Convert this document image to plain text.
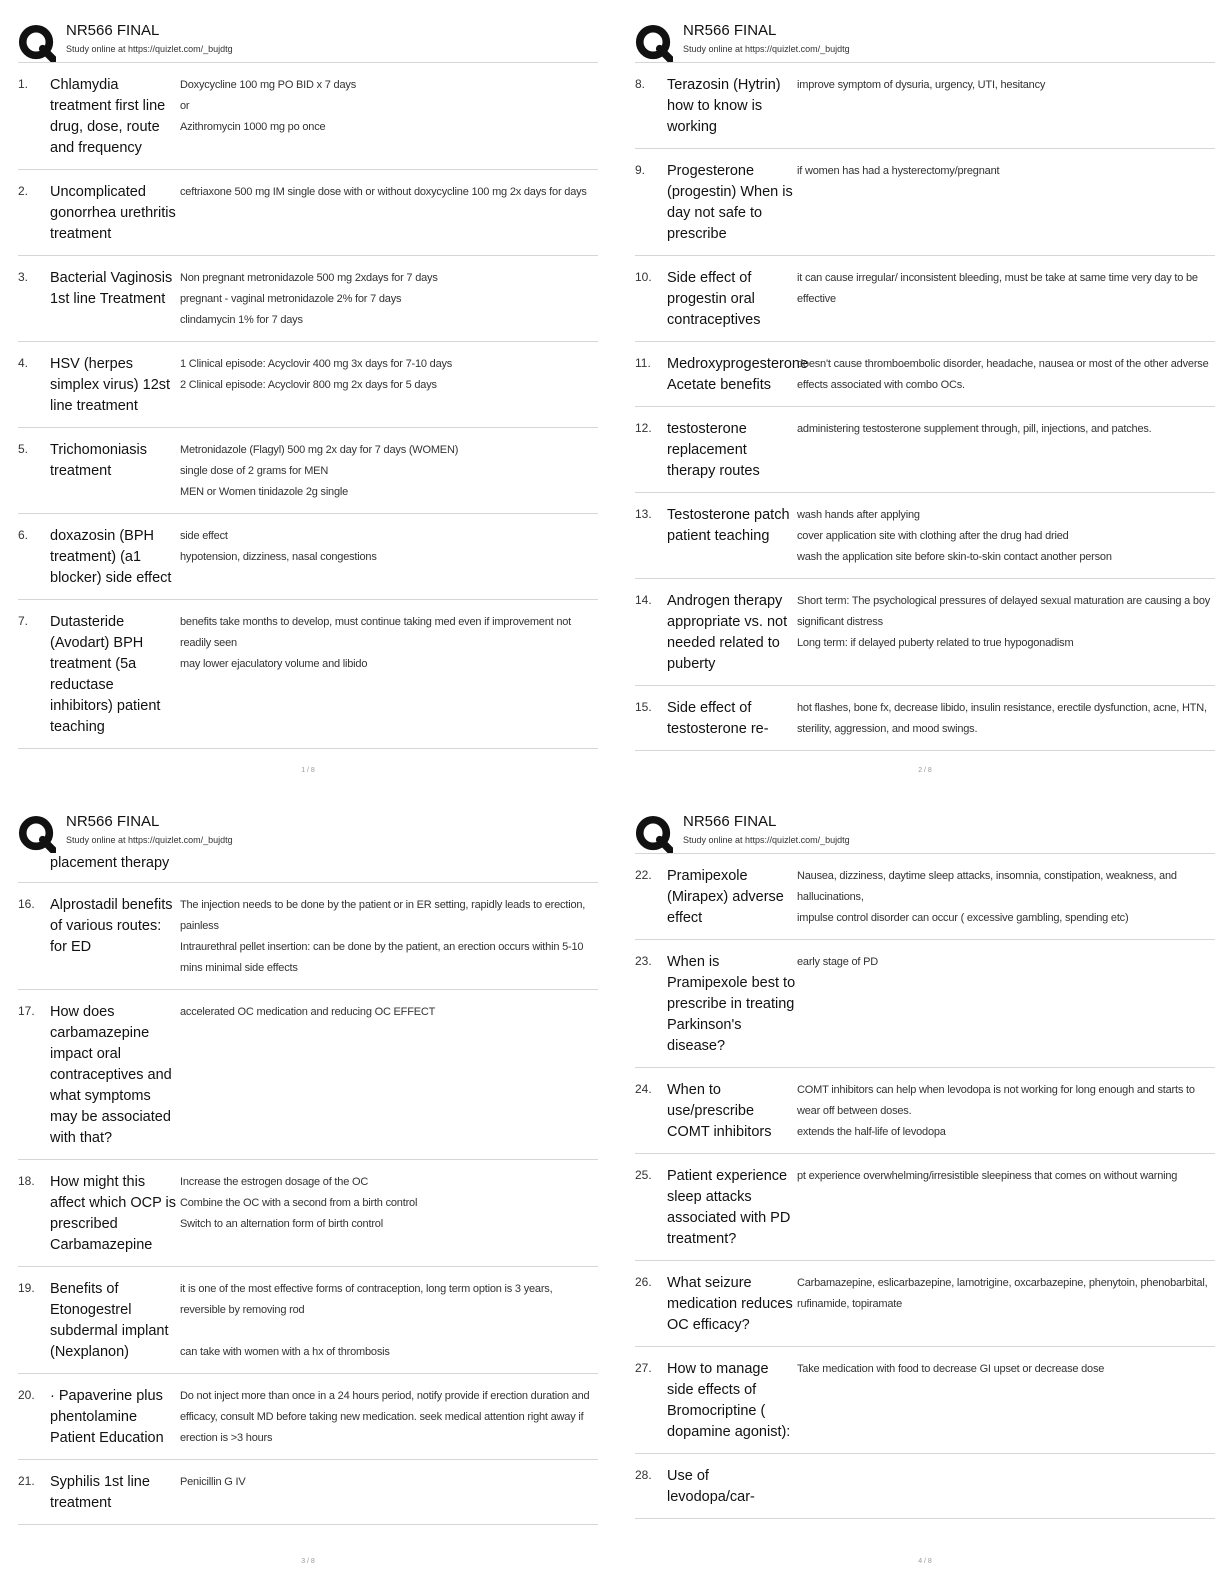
NR566 FINAL
Study online at https://quizlet.com/_bujdtg
1.	Chlamydia treatment first line drug, dose, route and frequency
Doxycycline 100 mg PO BID x 7 days
or
Azithromycin 1000 mg po once
2.	Uncomplicated gonorrhea urethritis treatment
ceftriaxone 500 mg IM single dose with or without doxycycline 100 mg 2x days for days
3.	Bacterial Vaginosis 1st line Treatment
Non pregnant metronidazole 500 mg 2xdays for 7 days
pregnant - vaginal metronidazole 2% for 7 days
clindamycin 1% for 7 days
4.	HSV (herpes simplex virus) 12st line treatment
1 Clinical episode: Acyclovir 400 mg 3x days for 7-10 days
2 Clinical episode: Acyclovir 800 mg 2x days for 5 days
5.	Trichomoniasis treatment
Metronidazole (Flagyl) 500 mg 2x day for 7 days (WOMEN)
single dose of 2 grams for MEN
MEN or Women tinidazole 2g single
6.	doxazosin (BPH treatment) (a1 blocker) side effect
side effect
hypotension, dizziness, nasal congestions
7.	Dutasteride (Avodart) BPH treatment (5a reductase inhibitors) patient teaching
benefits take months to develop, must continue taking med even if improvement not readily seen
may lower ejaculatory volume and libido
1 / 8
NR566 FINAL
Study online at https://quizlet.com/_bujdtg
8.	Terazosin (Hytrin) how to know is working
improve symptom of dysuria, urgency, UTI, hesitancy
9.	Progesterone (progestin) When is day not safe to prescribe
if women has had a hysterectomy/pregnant
10.	Side effect of progestin oral contraceptives
it can cause irregular/ inconsistent bleeding, must be take at same time very day to be effective
11.	Medroxyprogesterone Acetate benefits
doesn't cause thromboembolic disorder, headache, nausea or most of the other adverse effects associated with combo OCs.
12.	testosterone replacement therapy routes
administering testosterone supplement through, pill, injections, and patches.
13.	Testosterone patch patient teaching
wash hands after applying
cover application site with clothing after the drug had dried
wash the application site before skin-to-skin contact another person
14.	Androgen therapy appropriate vs. not needed related to puberty
Short term: The psychological pressures of delayed sexual maturation are causing a boy significant distress
Long term: if delayed puberty related to true hypogonadism
15.	Side effect of testosterone re-
hot flashes, bone fx, decrease libido, insulin resistance, erectile dysfunction, acne, HTN, sterility, aggression, and mood swings.
2 / 8
NR566 FINAL
Study online at https://quizlet.com/_bujdtg
placement therapy
16.	Alprostadil benefits of various routes: for ED
The injection needs to be done by the patient or in ER setting, rapidly leads to erection, painless
Intraurethral pellet insertion: can be done by the patient, an erection occurs within 5-10 mins minimal side effects
17.	How does carbamazepine impact oral contraceptives and what symptoms may be associated with that?
accelerated OC medication and reducing OC EFFECT
18.	How might this affect which OCP is prescribed Carbamazepine
Increase the estrogen dosage of the OC
Combine the OC with a second from a birth control
Switch to an alternation form of birth control
19.	Benefits of Etonogestrel subdermal implant (Nexplanon)
it is one of the most effective forms of contraception, long term option is 3 years, reversible by removing rod

can take with women with a hx of thrombosis
20.	· Papaverine plus phentolamine Patient Education
Do not inject more than once in a 24 hours period, notify provide if erection duration and efficacy, consult MD before taking new medication. seek medical attention right away if erection is >3 hours
21.	Syphilis 1st line treatment
Penicillin G IV
3 / 8
NR566 FINAL
Study online at https://quizlet.com/_bujdtg
22.	Pramipexole (Mirapex) adverse effect
Nausea, dizziness, daytime sleep attacks, insomnia, constipation, weakness, and hallucinations,
impulse control disorder can occur ( excessive gambling, spending etc)
23.	When is Pramipexole best to prescribe in treating Parkinson's disease?
early stage of PD
24.	When to use/prescribe COMT inhibitors
COMT inhibitors can help when levodopa is not working for long enough and starts to wear off between doses.
extends the half-life of levodopa
25.	Patient experience sleep attacks associated with PD treatment?
pt experience overwhelming/irresistible sleepiness that comes on without warning
26.	What seizure medication reduces OC efficacy?
Carbamazepine, eslicarbazepine, lamotrigine, oxcarbazepine, phenytoin, phenobarbital, rufinamide, topiramate
27.	How to manage side effects of Bromocriptine ( dopamine agonist):
Take medication with food to decrease GI upset or decrease dose
28.	Use of levodopa/car-
4 / 8
